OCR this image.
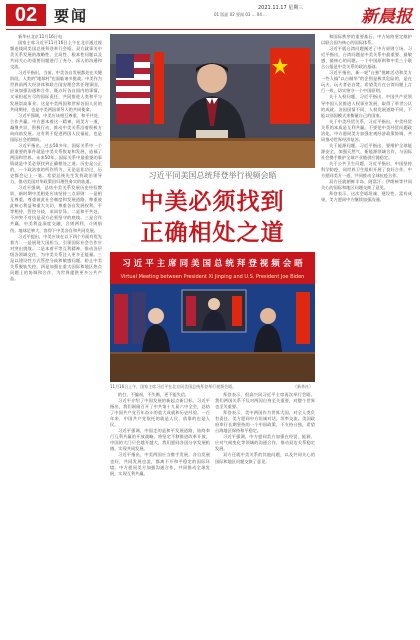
02	要闻	01 版面 02 要闻 03 ... 04 ...
2021.11.17 星期三	新晨报

新华社北京11月16日电

国家主席习近平11月16日上午在北京通过视频连线同美国总统拜登举行会晤。双方就事关中美关系发展的战略性、全局性、根本性问题以及共同关心的重要问题进行了充分、深入的沟通和交流。

习近平指出，当前，中美各自发展都处在关键阶段，人类的"地球村"也面临诸多挑战。中美作为世界前两大经济体和联合国安理会常任理事国，应该加强沟通和合作，既办好各自国内的事情，又承担起应尽的国际责任，共同推进人类和平与发展崇高事业。这是中美两国和世界各国人民的共同期待，也是中美两国领导人的共同使命。

习近平强调，中美应该相互尊重、和平共处、合作共赢。中方愿本着这一精神，同美方一道，凝聚共识，积极行动，推动中美关系沿着积极方向向前发展。这有利于促进两国人民福祉，也是国际社会的期盼。

习近平指出，过去50多年，国际关系中一个最重要的事件就是中美关系恢复和发展，造福了两国和世界。未来50年，国际关系中最重要的事情就是中美必须找到正确相处之道。历史是公正的，一个政治家的所作所为，无论是非功过，历史都会记上一笔。希望总统先生发挥政治领导力，推动美国对华政策回归理性务实的轨道。

习近平强调，总结中美关系发展历史经验教训，新时期中美相处应该坚持三点原则：一是相互尊重，尊重彼此社会制度和发展道路，尊重彼此核心利益和重大关切，尊重各自发展权利，平等相待，管控分歧，求同存异。二是和平共处，不冲突不对抗是双方必须坚守的底线。三是合作共赢，中美利益深度交融，合则两利，斗则俱伤。地球足够大，容得下中美各自和共同发展。

习近平提出，中美应该在以下四个方面有优先着力：一是展现大国担当，引领国际社会合作应对突出挑战。二是本着平等互利精神，推动各层级各领域交往，为中美关系注入更多正能量。三是以建设性方式管控分歧和敏感问题，防止中美关系脱轨失控。四是加强在重大国际和地区热点问题上的协调和合作，为世界提供更多公共产品。

习近平同美国总统拜登举行视频会晤
中美必须找到
正确相处之道
习 近 平 主 席 同 美 国 总 统 拜 登 视 频 会 晤
Virtual Meeting between President Xi Jinping and U.S. President Joe Biden
11月16日上午，国家主席习近平在北京同美国总统拜登举行视频会晤。	（新华社）

的打，不偏袒，不失衡，更不能失信。

习近平介绍了中国发展的新起点新目标。习近平指出，我们刚刚召开了中共第十九届六中全会，总结了中国共产党百年奋斗的重大成就和历史经验。一百年来，中国共产党依托的就是人民，依靠的也是人民。

习近平强调，中国走的是和平发展道路，始终奉行互利共赢的开放战略，将坚定不移推进改革开放，中国的大门只会越开越大，我们愿同各国分享发展机遇，实现共同发展。

习近平指出，中美两国应当携手发展，各自发展也好，共同发展也罢，都离不开和平稳定的国际环境。中方愿同美方加强沟通合作，共同推动全球发展，实现互利共赢。

拜登表示，很高兴同习近平主席再次举行会晤。我们两国关系不仅对两国自身至关重要，对整个世界也至关重要。

拜登表示，美中两国作为世界大国，对全人类负有责任，美方愿同中方坦诚对话，坦率交流。美国政府奉行长期坚持的一个中国政策，不支持台独，希望台海地区保持和平稳定。

习近平强调，中方愿同美方加强在经贸、能源、应对气候变化等领域的沟通合作，推动双边关系稳定发展。

双方还就中美关系的其他问题，以及共同关心的国际和地区问题交换了意见。

和国际秩序的重要基石，中方始终坚定维护以联合国为核心的国际体系。

习近平就台湾问题阐述了中方原则立场。习近平指出，台湾问题是中美关系中最重要、最敏感、最核心的问题。一个中国原则和中美三个联合公报是中美关系的政治基础。

习近平指出，新一轮"台独"挑衅活动和美方一些人搞"以台制华"的企图是极其危险的，是在玩火，玩火者必自焚。希望美方在台湾问题上言行一致，切实恪守一个中国原则。

关于人权问题，习近平指出，中国共产党领导中国人民推进人权事业发展，取得了举世公认的成就。各国国情不同，人权发展道路不同，不能以别国模式来衡量自己的国家。

关于中美经贸关系，习近平指出，中美经贸关系的本质是互利共赢。不要把中美经贸问题政治化。中方愿同美方加强宏观经济政策协调，共同推动世界经济复苏。

关于能源问题，习近平指出，要维护全球能源安全，加强天然气、新能源领域合作，与国际社会携手维护全球产业链供应链稳定。

关于公共卫生问题，习近平指出，中国坚持科学防疫，同世界卫生组织开展了良好合作。中方愿同美方一道，共同推动全球抗疫合作。

双方还就朝鲜半岛、阿富汗、伊朗核等共同关心的国际和地区问题交换了意见。

拜登表示，这次会晤坦诚、建设性、富有成果，美方愿同中方继续加强沟通。
